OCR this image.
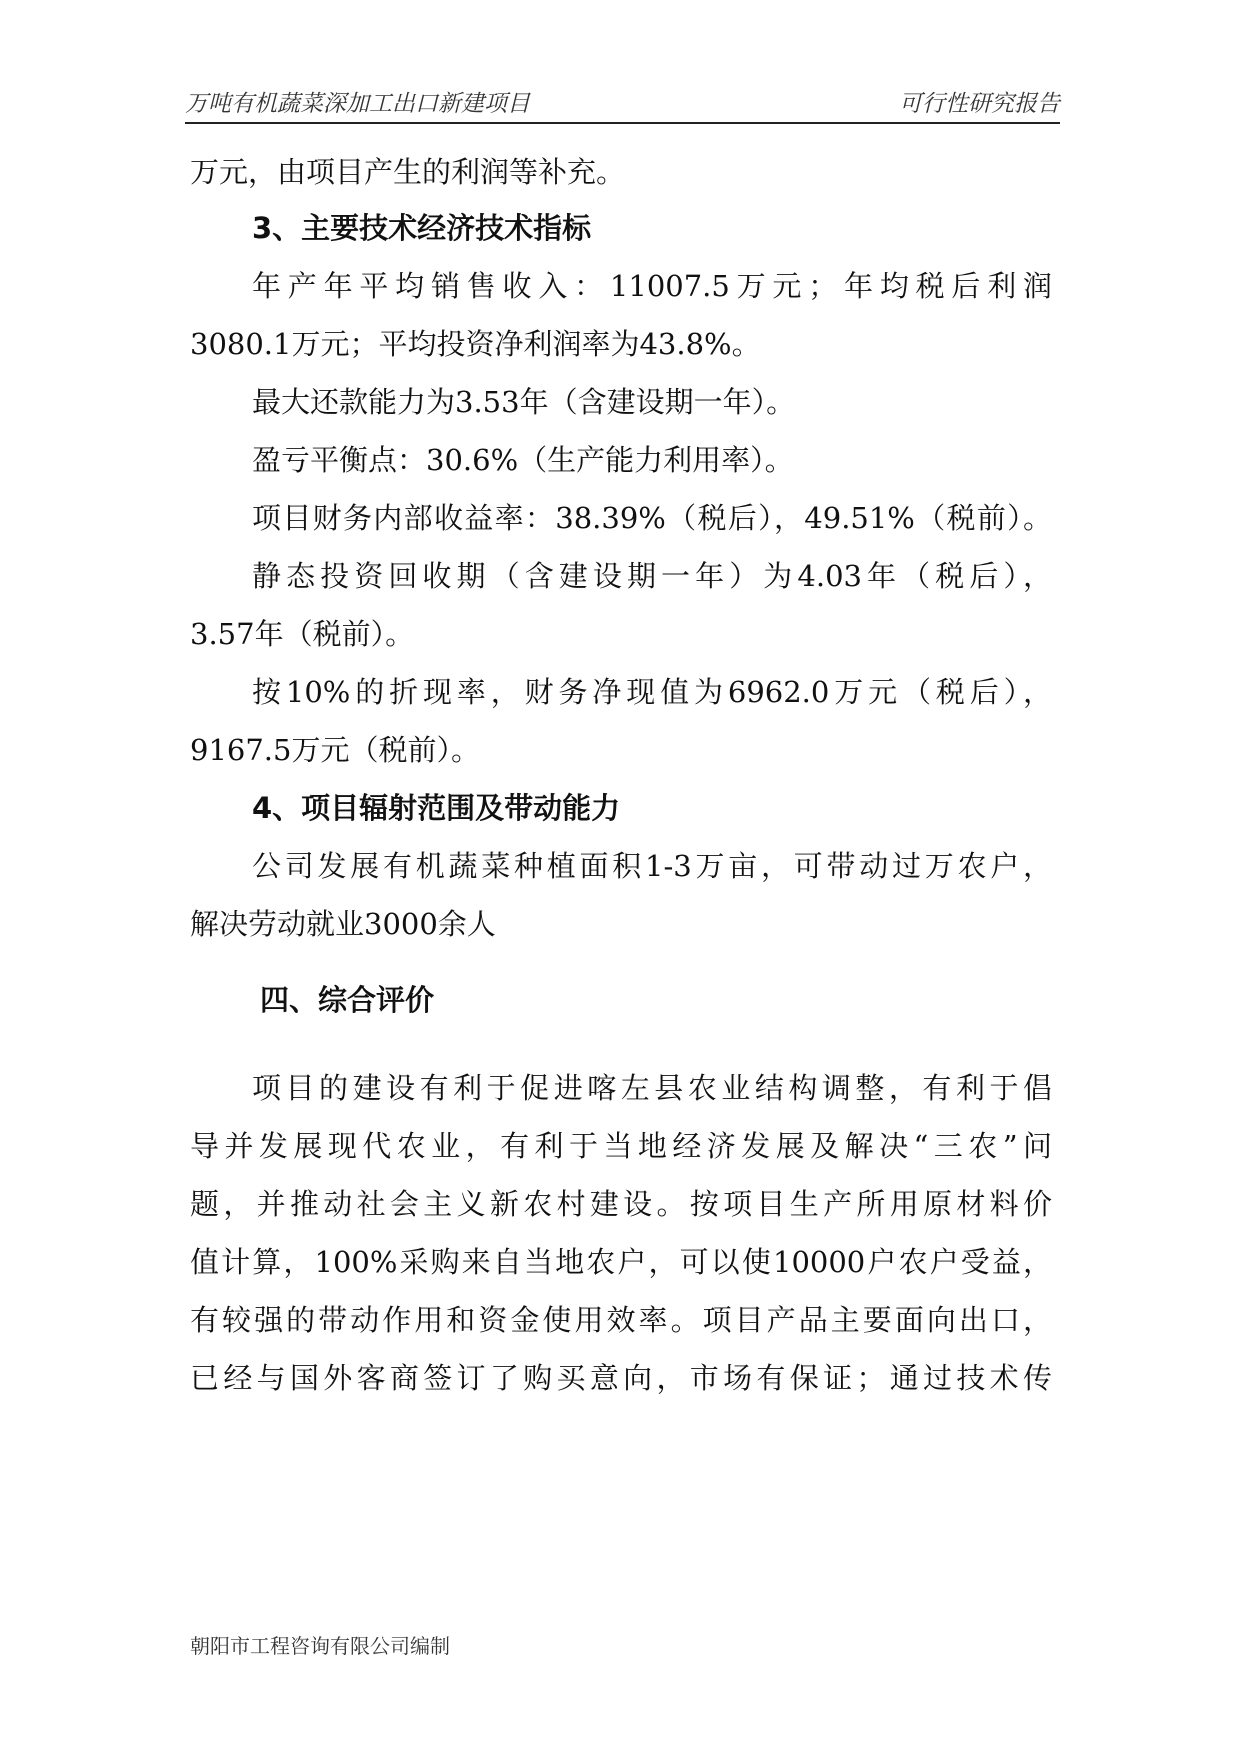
万吨有机蔬菜深加工出口新建项目	可行性研究报告
万元，由项目产生的利润等补充。
3、主要技术经济技术指标
年产年平均销售收入：11007.5万元；年均税后利润
3080.1万元；平均投资净利润率为43.8%。
最大还款能力为3.53年（含建设期一年）。
盈亏平衡点：30.6%（生产能力利用率）。
项目财务内部收益率：38.39%（税后），49.51%（税前）。
静态投资回收期（含建设期一年）为4.03年（税后），
3.57年（税前）。
按10%的折现率，财务净现值为6962.0万元（税后），
9167.5万元（税前）。
4、项目辐射范围及带动能力
公司发展有机蔬菜种植面积1-3万亩，可带动过万农户，
解决劳动就业3000余人
四、综合评价
项目的建设有利于促进喀左县农业结构调整，有利于倡
导并发展现代农业，有利于当地经济发展及解决“三农”问
题，并推动社会主义新农村建设。按项目生产所用原材料价
值计算，100%采购来自当地农户，可以使10000户农户受益，
有较强的带动作用和资金使用效率。项目产品主要面向出口，
已经与国外客商签订了购买意向，市场有保证；通过技术传
朝阳市工程咨询有限公司编制
